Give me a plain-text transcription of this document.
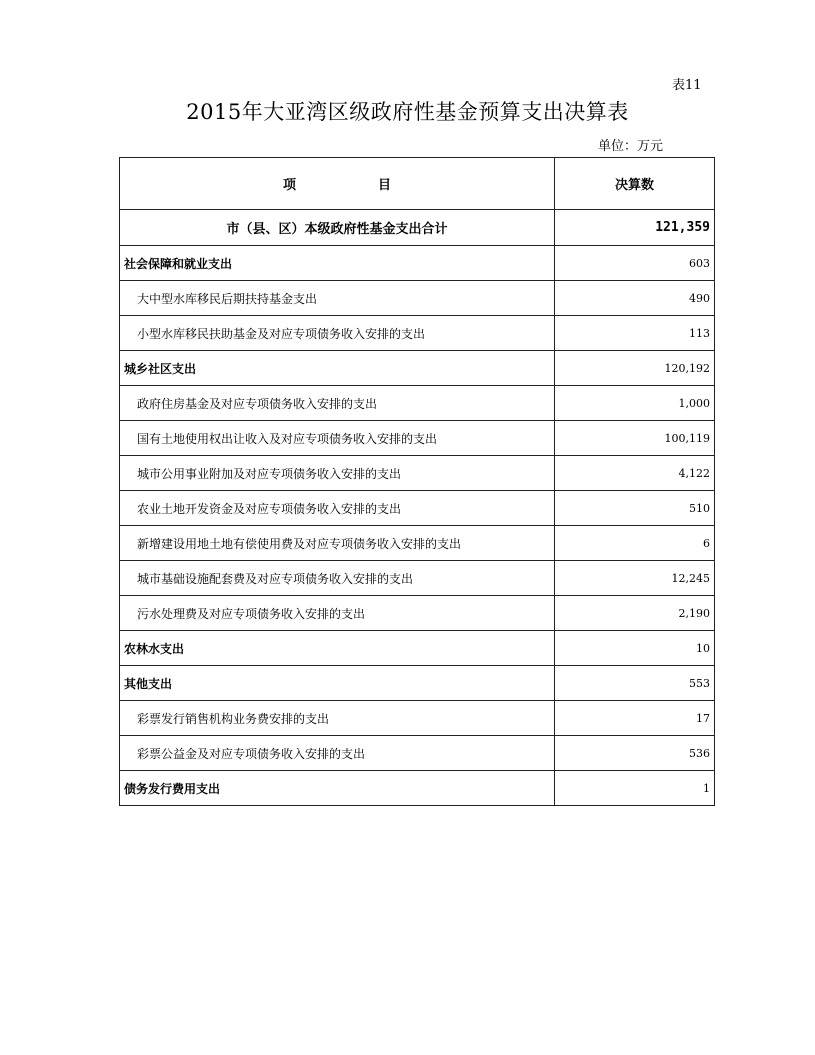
表11
2015年大亚湾区级政府性基金预算支出决算表
单位：万元
项 目	决算数
市（县、区）本级政府性基金支出合计	121,359
社会保障和就业支出	603
大中型水库移民后期扶持基金支出	490
小型水库移民扶助基金及对应专项债务收入安排的支出	113
城乡社区支出	120,192
政府住房基金及对应专项债务收入安排的支出	1,000
国有土地使用权出让收入及对应专项债务收入安排的支出	100,119
城市公用事业附加及对应专项债务收入安排的支出	4,122
农业土地开发资金及对应专项债务收入安排的支出	510
新增建设用地土地有偿使用费及对应专项债务收入安排的支出	6
城市基础设施配套费及对应专项债务收入安排的支出	12,245
污水处理费及对应专项债务收入安排的支出	2,190
农林水支出	10
其他支出	553
彩票发行销售机构业务费安排的支出	17
彩票公益金及对应专项债务收入安排的支出	536
债务发行费用支出	1
